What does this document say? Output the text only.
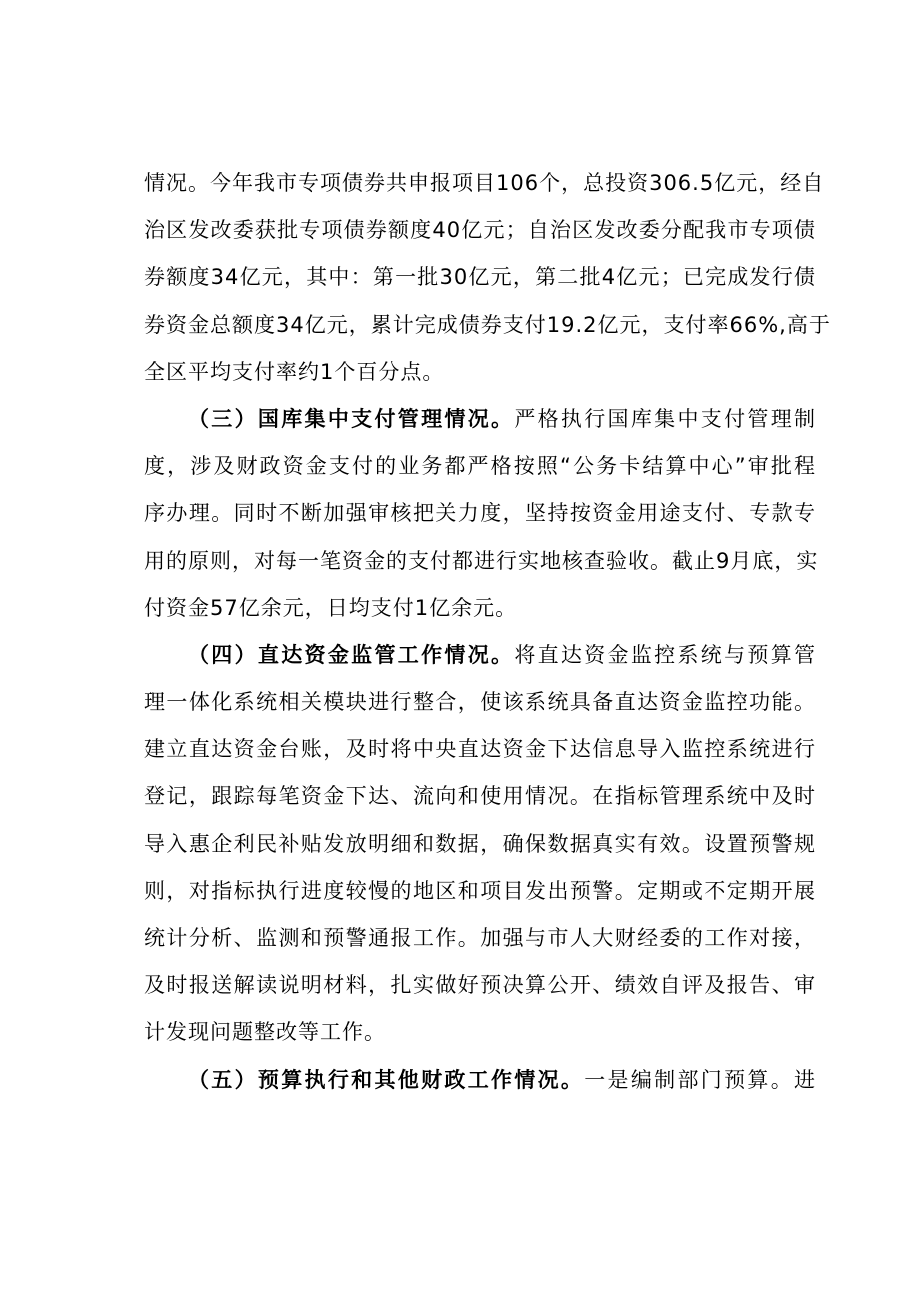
情况。今年我市专项债券共申报项目106个，总投资306.5亿元，经自
治区发改委获批专项债券额度40亿元；自治区发改委分配我市专项债
券额度34亿元，其中：第一批30亿元，第二批4亿元；已完成发行债
券资金总额度34亿元，累计完成债券支付19.2亿元，支付率66%,高于
全区平均支付率约1个百分点。
（三）国库集中支付管理情况。严格执行国库集中支付管理制
度，涉及财政资金支付的业务都严格按照“公务卡结算中心”审批程
序办理。同时不断加强审核把关力度，坚持按资金用途支付、专款专
用的原则，对每一笔资金的支付都进行实地核查验收。截止9月底，实
付资金57亿余元，日均支付1亿余元。
（四）直达资金监管工作情况。将直达资金监控系统与预算管
理一体化系统相关模块进行整合，使该系统具备直达资金监控功能。
建立直达资金台账，及时将中央直达资金下达信息导入监控系统进行
登记，跟踪每笔资金下达、流向和使用情况。在指标管理系统中及时
导入惠企利民补贴发放明细和数据，确保数据真实有效。设置预警规
则，对指标执行进度较慢的地区和项目发出预警。定期或不定期开展
统计分析、监测和预警通报工作。加强与市人大财经委的工作对接，
及时报送解读说明材料，扎实做好预决算公开、绩效自评及报告、审
计发现问题整改等工作。
（五）预算执行和其他财政工作情况。一是编制部门预算。进
